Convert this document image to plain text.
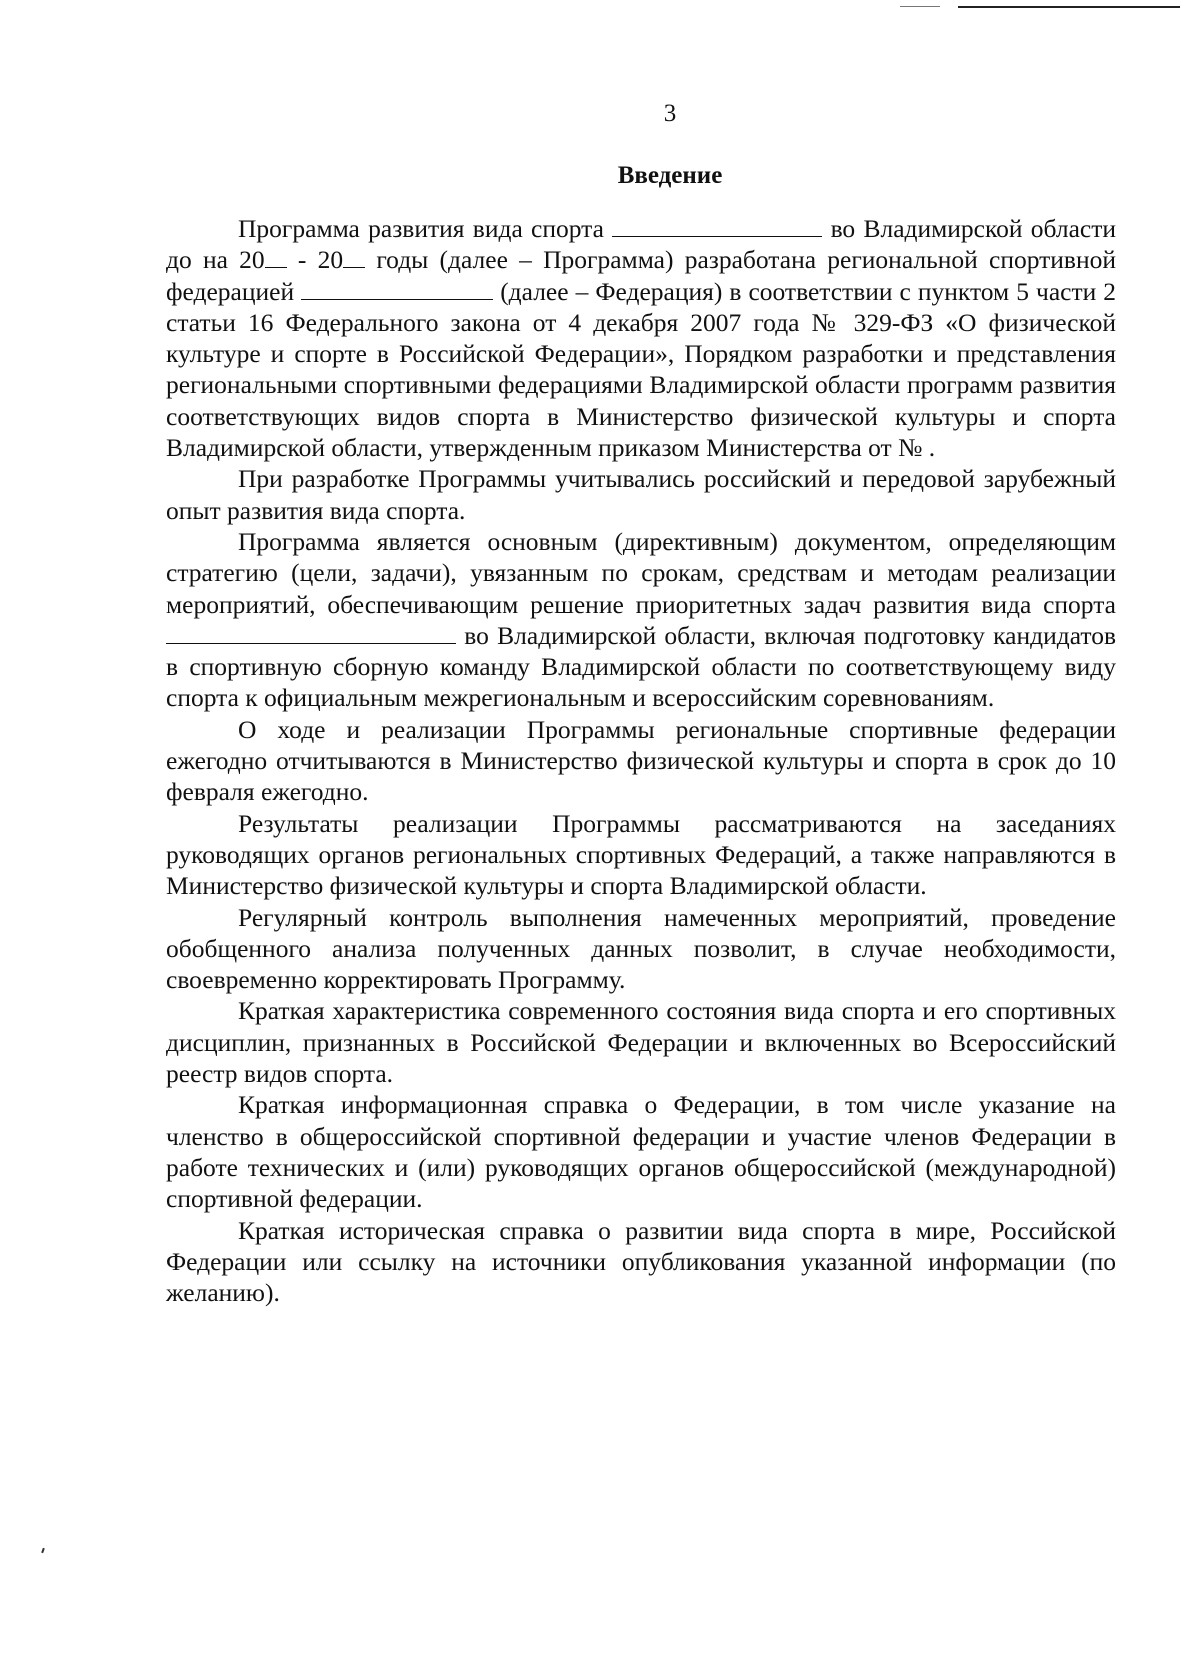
3
Введение

Программа развития вида спорта	во Владимирской области до на 20 - 20 годы (далее – Программа) разработана региональной спортивной федерацией	(далее – Федерация) в соответствии с пунктом 5 части 2 статьи 16 Федерального закона от 4 декабря 2007 года № 329-ФЗ «О физической культуре и спорте в Российской Федерации», Порядком разработки и представления региональными спортивными федерациями Владимирской области программ развития соответствующих видов спорта в Министерство физической культуры и спорта Владимирской области, утвержденным приказом Министерства от № .

При разработке Программы учитывались российский и передовой зарубежный опыт развития вида спорта.

Программа является основным (директивным) документом, определяющим стратегию (цели, задачи), увязанным по срокам, средствам и методам реализации мероприятий, обеспечивающим решение приоритетных задач развития вида спорта  во Владимирской области, включая подготовку кандидатов в спортивную сборную команду Владимирской области по соответствующему виду спорта к официальным межрегиональным и всероссийским соревнованиям.

О ходе и реализации Программы региональные спортивные федерации ежегодно отчитываются в Министерство физической культуры и спорта в срок до 10 февраля ежегодно.

Результаты реализации Программы рассматриваются на заседаниях руководящих органов региональных спортивных Федераций, а также направляются в Министерство физической культуры и спорта Владимирской области.

Регулярный контроль выполнения намеченных мероприятий, проведение обобщенного анализа полученных данных позволит, в случае необходимости, своевременно корректировать Программу.

Краткая характеристика современного состояния вида спорта и его спортивных дисциплин, признанных в Российской Федерации и включенных во Всероссийский реестр видов спорта.

Краткая информационная справка о Федерации, в том числе указание на членство в общероссийской спортивной федерации и участие членов Федерации в работе технических и (или) руководящих органов общероссийской (международной) спортивной федерации.

Краткая историческая справка о развитии вида спорта в мире, Российской Федерации или ссылку на источники опубликования указанной информации (по желанию).
